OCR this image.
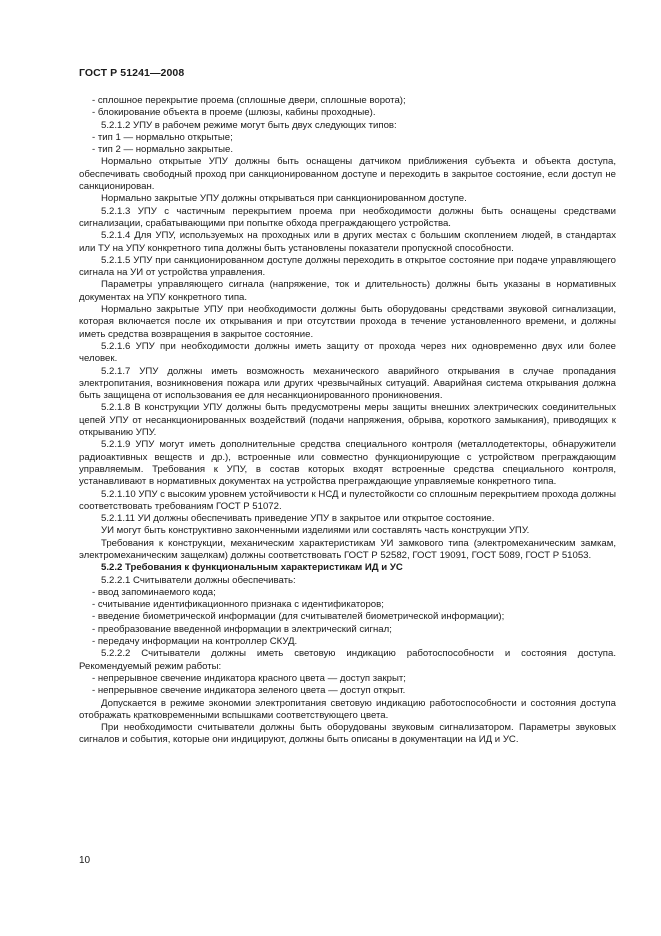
ГОСТ Р 51241—2008

- сплошное перекрытие проема (сплошные двери, сплошные ворота);

- блокирование объекта в проеме (шлюзы, кабины проходные).

5.2.1.2 УПУ в рабочем режиме могут быть двух следующих типов:

- тип 1 — нормально открытые;

- тип 2 — нормально закрытые.

Нормально открытые УПУ должны быть оснащены датчиком приближения субъекта и объекта доступа, обеспечивать свободный проход при санкционированном доступе и переходить в закрытое состояние, если доступ не санкционирован.

Нормально закрытые УПУ должны открываться при санкционированном доступе.

5.2.1.3 УПУ с частичным перекрытием проема при необходимости должны быть оснащены средствами сигнализации, срабатывающими при попытке обхода преграждающего устройства.

5.2.1.4 Для УПУ, используемых на проходных или в других местах с большим скоплением людей, в стандартах или ТУ на УПУ конкретного типа должны быть установлены показатели пропускной способности.

5.2.1.5 УПУ при санкционированном доступе должны переходить в открытое состояние при подаче управляющего сигнала на УИ от устройства управления.

Параметры управляющего сигнала (напряжение, ток и длительность) должны быть указаны в нормативных документах на УПУ конкретного типа.

Нормально закрытые УПУ при необходимости должны быть оборудованы средствами звуковой сигнализации, которая включается после их открывания и при отсутствии прохода в течение установленного времени, и должны иметь средства возвращения в закрытое состояние.

5.2.1.6 УПУ при необходимости должны иметь защиту от прохода через них одновременно двух или более человек.

5.2.1.7 УПУ должны иметь возможность механического аварийного открывания в случае пропадания электропитания, возникновения пожара или других чрезвычайных ситуаций. Аварийная система открывания должна быть защищена от использования ее для несанкционированного проникновения.

5.2.1.8 В конструкции УПУ должны быть предусмотрены меры защиты внешних электрических соединительных цепей УПУ от несанкционированных воздействий (подачи напряжения, обрыва, короткого замыкания), приводящих к открыванию УПУ.

5.2.1.9 УПУ могут иметь дополнительные средства специального контроля (металлодетекторы, обнаружители радиоактивных веществ и др.), встроенные или совместно функционирующие с устройством преграждающим управляемым. Требования к УПУ, в состав которых входят встроенные средства специального контроля, устанавливают в нормативных документах на устройства преграждающие управляемые конкретного типа.

5.2.1.10 УПУ с высоким уровнем устойчивости к НСД и пулестойкости со сплошным перекрытием прохода должны соответствовать требованиям ГОСТ Р 51072.

5.2.1.11 УИ должны обеспечивать приведение УПУ в закрытое или открытое состояние.

УИ могут быть конструктивно законченными изделиями или составлять часть конструкции УПУ.

Требования к конструкции, механическим характеристикам УИ замкового типа (электромеханическим замкам, электромеханическим защелкам) должны соответствовать ГОСТ Р 52582, ГОСТ 19091, ГОСТ 5089, ГОСТ Р 51053.

5.2.2 Требования к функциональным характеристикам ИД и УС

5.2.2.1 Считыватели должны обеспечивать:

- ввод запоминаемого кода;

- считывание идентификационного признака с идентификаторов;

- введение биометрической информации (для считывателей биометрической информации);

- преобразование введенной информации в электрический сигнал;

- передачу информации на контроллер СКУД.

5.2.2.2 Считыватели должны иметь световую индикацию работоспособности и состояния доступа. Рекомендуемый режим работы:

- непрерывное свечение индикатора красного цвета — доступ закрыт;

- непрерывное свечение индикатора зеленого цвета — доступ открыт.

Допускается в режиме экономии электропитания световую индикацию работоспособности и состояния доступа отображать кратковременными вспышками соответствующего цвета.

При необходимости считыватели должны быть оборудованы звуковым сигнализатором. Параметры звуковых сигналов и события, которые они индицируют, должны быть описаны в документации на ИД и УС.

10
